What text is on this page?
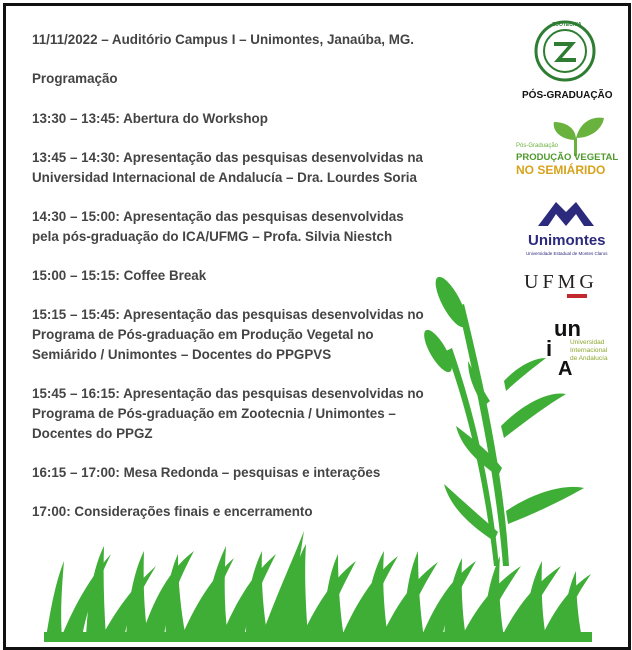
11/11/2022 – Auditório Campus I – Unimontes, Janaúba, MG.
Programação
13:30 – 13:45: Abertura do Workshop
13:45 – 14:30: Apresentação das pesquisas desenvolvidas na
Universidad Internacional de Andalucía – Dra. Lourdes Soria
14:30 – 15:00: Apresentação das pesquisas desenvolvidas
pela pós-graduação do ICA/UFMG – Profa. Silvia Niestch
15:00 – 15:15: Coffee Break
15:15 – 15:45: Apresentação das pesquisas desenvolvidas no
Programa de Pós-graduação em Produção Vegetal no
Semiárido / Unimontes – Docentes do PPGPVS
15:45 – 16:15: Apresentação das pesquisas desenvolvidas no
Programa de Pós-graduação em Zootecnia / Unimontes –
Docentes do PPGZ
16:15 – 17:00: Mesa Redonda – pesquisas e interações
17:00: Considerações finais e encerramento
ZOOTECNIA
PÓS-GRADUAÇÃO
Pós-Graduação
PRODUÇÃO VEGETAL
NO SEMIÁRIDO
Unimontes
Universidade Estadual de Montes Claros
UFMG
un
i
A
Universidad
Internacional
de Andalucía
